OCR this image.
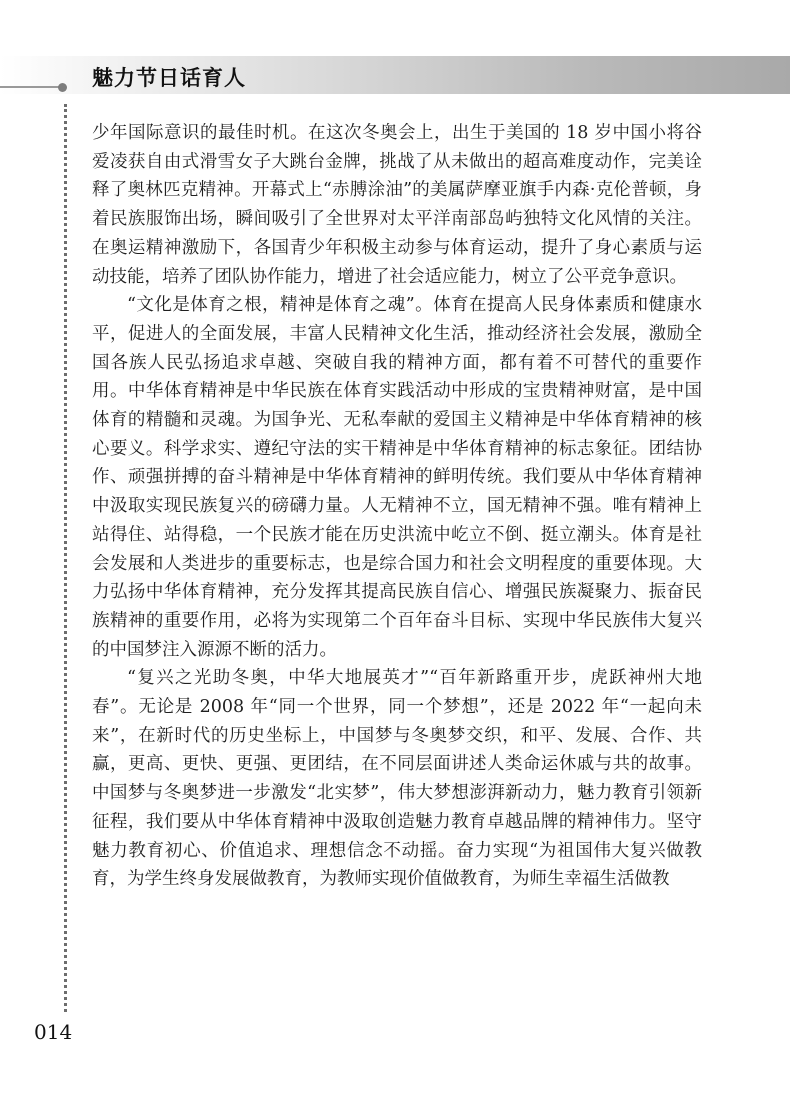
魅力节日话育人

少年国际意识的最佳时机。在这次冬奥会上，出生于美国的 18 岁中国小将谷爱凌获自由式滑雪女子大跳台金牌，挑战了从未做出的超高难度动作，完美诠释了奥林匹克精神。开幕式上“赤膊涂油”的美属萨摩亚旗手内森·克伦普顿，身着民族服饰出场，瞬间吸引了全世界对太平洋南部岛屿独特文化风情的关注。在奥运精神激励下，各国青少年积极主动参与体育运动，提升了身心素质与运动技能，培养了团队协作能力，增进了社会适应能力，树立了公平竞争意识。

“文化是体育之根，精神是体育之魂”。体育在提高人民身体素质和健康水平，促进人的全面发展，丰富人民精神文化生活，推动经济社会发展，激励全国各族人民弘扬追求卓越、突破自我的精神方面，都有着不可替代的重要作用。中华体育精神是中华民族在体育实践活动中形成的宝贵精神财富，是中国体育的精髓和灵魂。为国争光、无私奉献的爱国主义精神是中华体育精神的核心要义。科学求实、遵纪守法的实干精神是中华体育精神的标志象征。团结协作、顽强拼搏的奋斗精神是中华体育精神的鲜明传统。我们要从中华体育精神中汲取实现民族复兴的磅礴力量。人无精神不立，国无精神不强。唯有精神上站得住、站得稳，一个民族才能在历史洪流中屹立不倒、挺立潮头。体育是社会发展和人类进步的重要标志，也是综合国力和社会文明程度的重要体现。大力弘扬中华体育精神，充分发挥其提高民族自信心、增强民族凝聚力、振奋民族精神的重要作用，必将为实现第二个百年奋斗目标、实现中华民族伟大复兴的中国梦注入源源不断的活力。

“复兴之光助冬奥，中华大地展英才”“百年新路重开步，虎跃神州大地春”。无论是 2008 年“同一个世界，同一个梦想”，还是 2022 年“一起向未来”，在新时代的历史坐标上，中国梦与冬奥梦交织，和平、发展、合作、共赢，更高、更快、更强、更团结，在不同层面讲述人类命运休戚与共的故事。中国梦与冬奥梦进一步激发“北实梦”，伟大梦想澎湃新动力，魅力教育引领新征程，我们要从中华体育精神中汲取创造魅力教育卓越品牌的精神伟力。坚守魅力教育初心、价值追求、理想信念不动摇。奋力实现“为祖国伟大复兴做教育，为学生终身发展做教育，为教师实现价值做教育，为师生幸福生活做教

014
